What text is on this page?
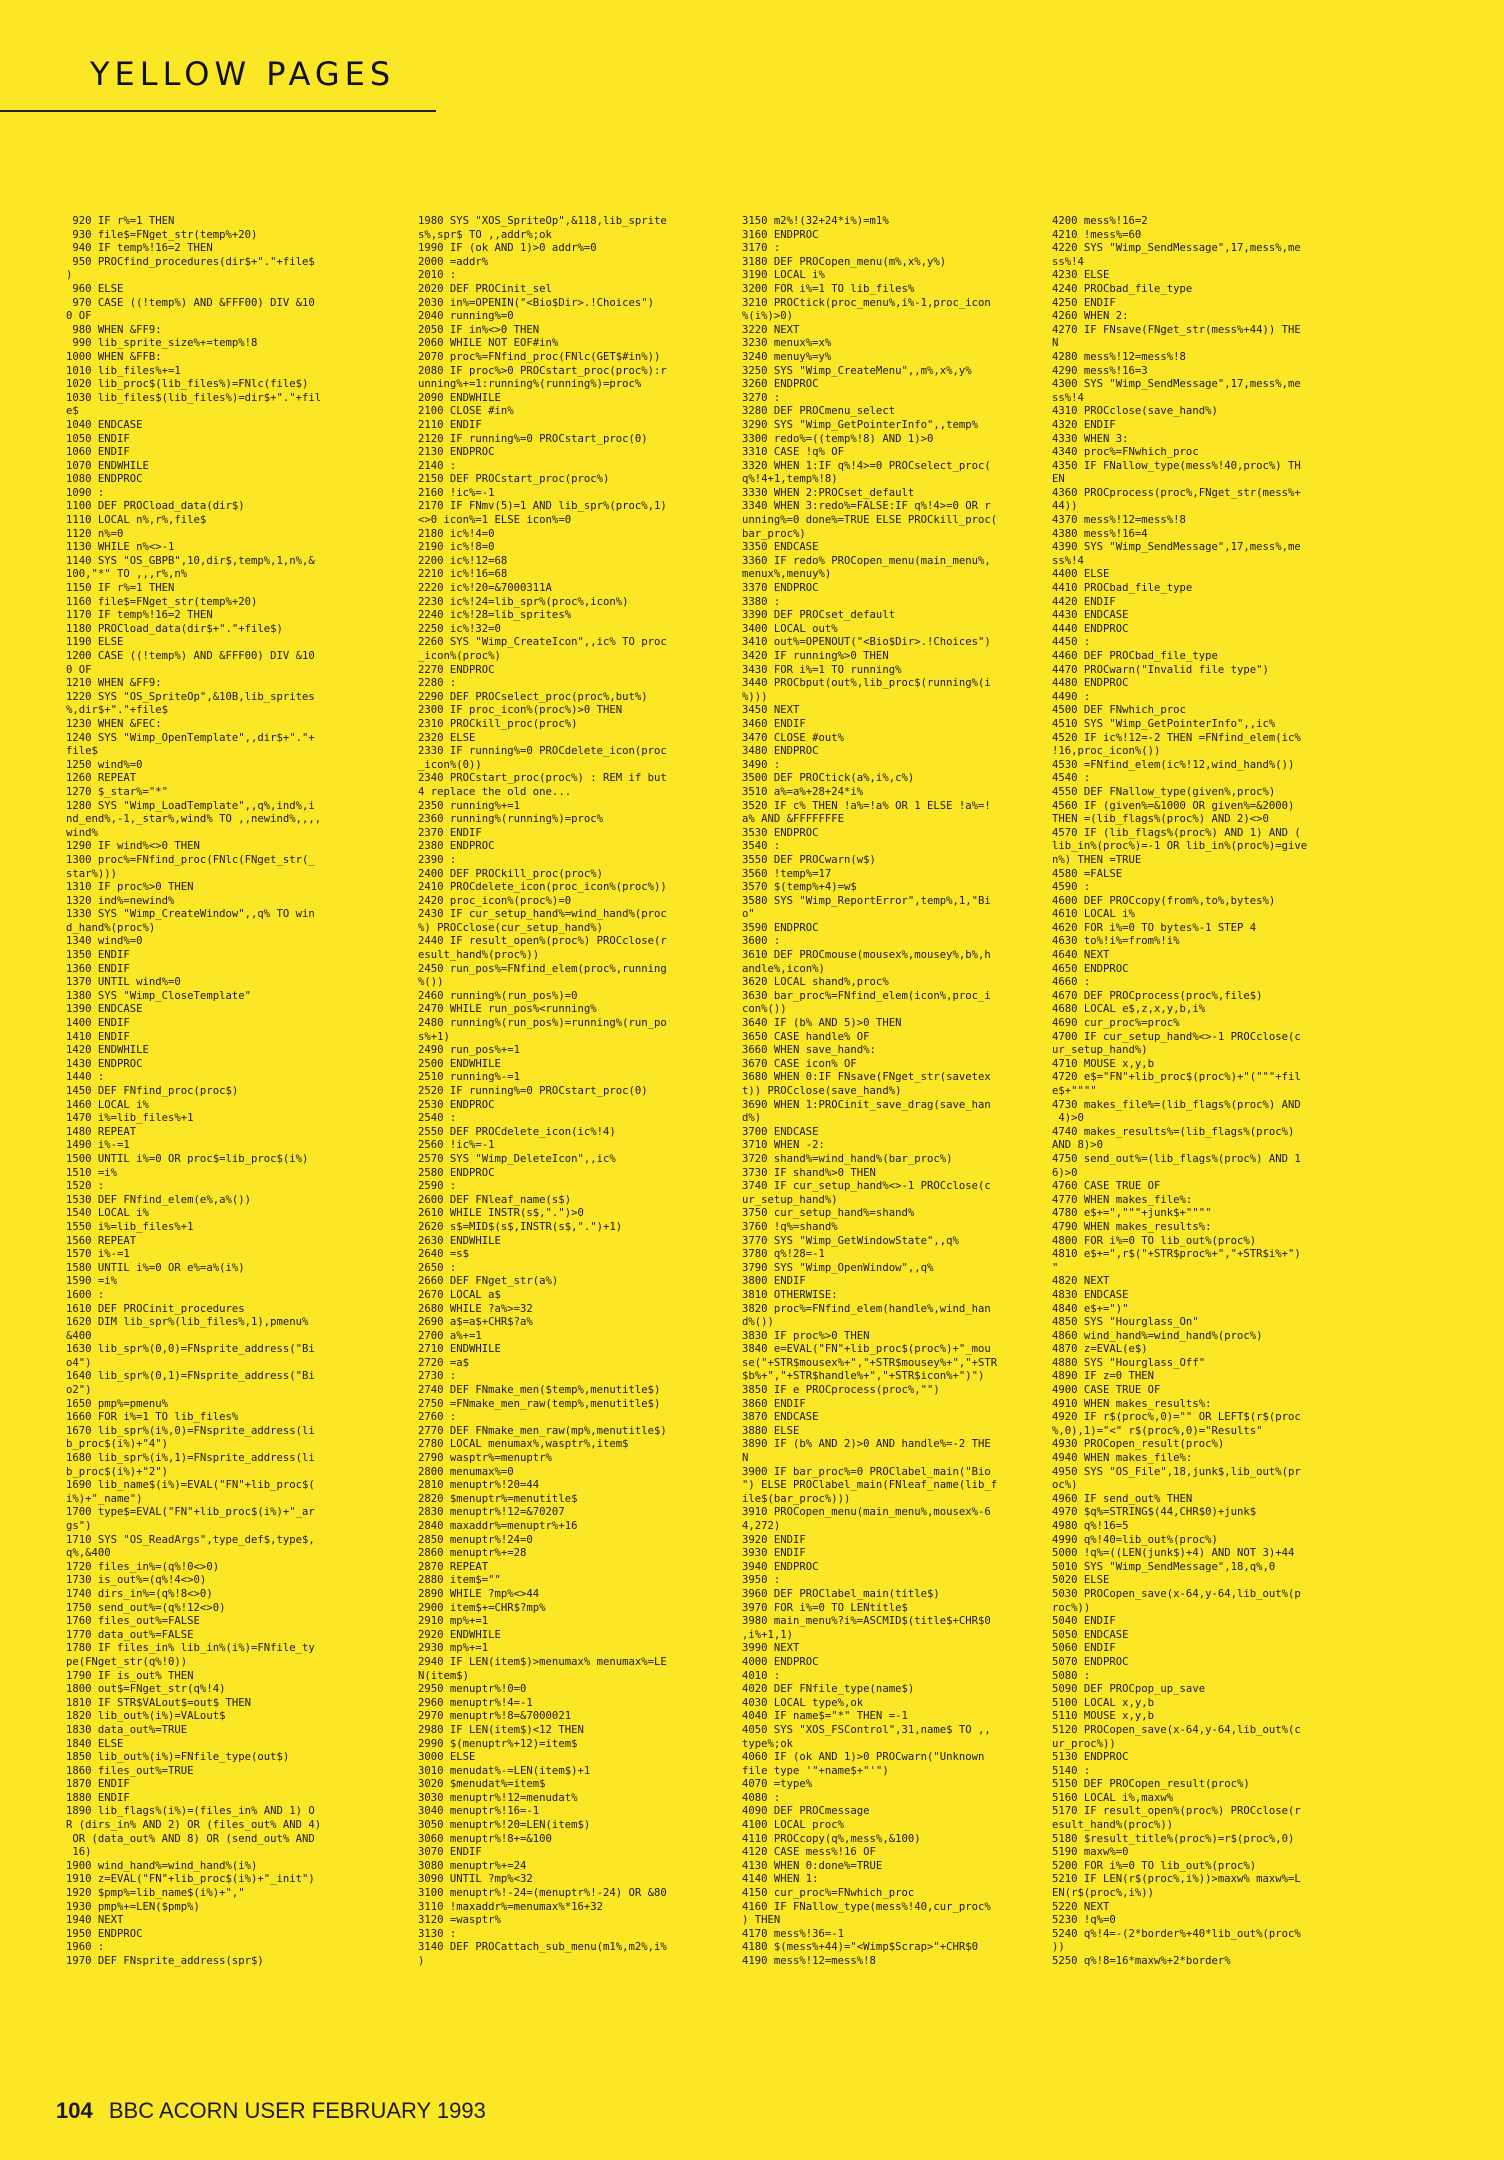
YELLOW PAGES
920 IF r%=1 THEN
930 file$=FNget_str(temp%+20)
940 IF temp%!16=2 THEN
950 PROCfind_procedures(dir$+"."+file$
)
960 ELSE
970 CASE ((!temp%) AND &FFF00) DIV &10
0 OF
980 WHEN &FF9:
990 lib_sprite_size%+=temp%!8
1000 WHEN &FFB:
1010 lib_files%+=1
1020 lib_proc$(lib_files%)=FNlc(file$)
1030 lib_files$(lib_files%)=dir$+"."+fil
e$
1040 ENDCASE
1050 ENDIF
1060 ENDIF
1070 ENDWHILE
1080 ENDPROC
1090 :
1100 DEF PROCload_data(dir$)
1110 LOCAL n%,r%,file$
1120 n%=0
1130 WHILE n%<>-1
1140 SYS "OS_GBPB",10,dir$,temp%,1,n%,&
100,"*" TO ,,,r%,n%
1150 IF r%=1 THEN
1160 file$=FNget_str(temp%+20)
1170 IF temp%!16=2 THEN
1180 PROCload_data(dir$+"."+file$)
1190 ELSE
1200 CASE ((!temp%) AND &FFF00) DIV &10
0 OF
1210 WHEN &FF9:
1220 SYS "OS_SpriteOp",&10B,lib_sprites
%,dir$+"."+file$
1230 WHEN &FEC:
1240 SYS "Wimp_OpenTemplate",,dir$+"."+
file$
1250 wind%=0
1260 REPEAT
1270 $_star%="*"
1280 SYS "Wimp_LoadTemplate",,q%,ind%,i
nd_end%,-1,_star%,wind% TO ,,newind%,,,,
wind%
1290 IF wind%<>0 THEN
1300 proc%=FNfind_proc(FNlc(FNget_str(_
star%)))
1310 IF proc%>0 THEN
1320 ind%=newind%
1330 SYS "Wimp_CreateWindow",,q% TO win
d_hand%(proc%)
1340 wind%=0
1350 ENDIF
1360 ENDIF
1370 UNTIL wind%=0
1380 SYS "Wimp_CloseTemplate"
1390 ENDCASE
1400 ENDIF
1410 ENDIF
1420 ENDWHILE
1430 ENDPROC
1440 :
1450 DEF FNfind_proc(proc$)
1460 LOCAL i%
1470 i%=lib_files%+1
1480 REPEAT
1490 i%-=1
1500 UNTIL i%=0 OR proc$=lib_proc$(i%)
1510 =i%
1520 :
1530 DEF FNfind_elem(e%,a%())
1540 LOCAL i%
1550 i%=lib_files%+1
1560 REPEAT
1570 i%-=1
1580 UNTIL i%=0 OR e%=a%(i%)
1590 =i%
1600 :
1610 DEF PROCinit_procedures
1620 DIM lib_spr%(lib_files%,1),pmenu%
&400
1630 lib_spr%(0,0)=FNsprite_address("Bi
o4")
1640 lib_spr%(0,1)=FNsprite_address("Bi
o2")
1650 pmp%=pmenu%
1660 FOR i%=1 TO lib_files%
1670 lib_spr%(i%,0)=FNsprite_address(li
b_proc$(i%)+"4")
1680 lib_spr%(i%,1)=FNsprite_address(li
b_proc$(i%)+"2")
1690 lib_name$(i%)=EVAL("FN"+lib_proc$(
i%)+"_name")
1700 type$=EVAL("FN"+lib_proc$(i%)+"_ar
gs")
1710 SYS "OS_ReadArgs",type_def$,type$,
q%,&400
1720 files_in%=(q%!0<>0)
1730 is_out%=(q%!4<>0)
1740 dirs_in%=(q%!8<>0)
1750 send_out%=(q%!12<>0)
1760 files_out%=FALSE
1770 data_out%=FALSE
1780 IF files_in% lib_in%(i%)=FNfile_ty
pe(FNget_str(q%!0))
1790 IF is_out% THEN
1800 out$=FNget_str(q%!4)
1810 IF STR$VALout$=out$ THEN
1820 lib_out%(i%)=VALout$
1830 data_out%=TRUE
1840 ELSE
1850 lib_out%(i%)=FNfile_type(out$)
1860 files_out%=TRUE
1870 ENDIF
1880 ENDIF
1890 lib_flags%(i%)=(files_in% AND 1) O
R (dirs_in% AND 2) OR (files_out% AND 4)
OR (data_out% AND 8) OR (send_out% AND
16)
1900 wind_hand%=wind_hand%(i%)
1910 z=EVAL("FN"+lib_proc$(i%)+"_init")
1920 $pmp%=lib_name$(i%)+","
1930 pmp%+=LEN($pmp%)
1940 NEXT
1950 ENDPROC
1960 :
1970 DEF FNsprite_address(spr$)
1980 SYS "XOS_SpriteOp",&118,lib_sprite
s%,spr$ TO ,,addr%;ok
1990 IF (ok AND 1)>0 addr%=0
2000 =addr%
2010 :
2020 DEF PROCinit_sel
2030 in%=OPENIN("<Bio$Dir>.!Choices")
2040 running%=0
2050 IF in%<>0 THEN
2060 WHILE NOT EOF#in%
2070 proc%=FNfind_proc(FNlc(GET$#in%))
2080 IF proc%>0 PROCstart_proc(proc%):r
unning%+=1:running%(running%)=proc%
2090 ENDWHILE
2100 CLOSE #in%
2110 ENDIF
2120 IF running%=0 PROCstart_proc(0)
2130 ENDPROC
2140 :
2150 DEF PROCstart_proc(proc%)
2160 !ic%=-1
2170 IF FNmv(5)=1 AND lib_spr%(proc%,1)
<>0 icon%=1 ELSE icon%=0
2180 ic%!4=0
2190 ic%!8=0
2200 ic%!12=68
2210 ic%!16=68
2220 ic%!20=&7000311A
2230 ic%!24=lib_spr%(proc%,icon%)
2240 ic%!28=lib_sprites%
2250 ic%!32=0
2260 SYS "Wimp_CreateIcon",,ic% TO proc
_icon%(proc%)
2270 ENDPROC
2280 :
2290 DEF PROCselect_proc(proc%,but%)
2300 IF proc_icon%(proc%)>0 THEN
2310 PROCkill_proc(proc%)
2320 ELSE
2330 IF running%=0 PROCdelete_icon(proc
_icon%(0))
2340 PROCstart_proc(proc%) : REM if but
4 replace the old one...
2350 running%+=1
2360 running%(running%)=proc%
2370 ENDIF
2380 ENDPROC
2390 :
2400 DEF PROCkill_proc(proc%)
2410 PROCdelete_icon(proc_icon%(proc%))
2420 proc_icon%(proc%)=0
2430 IF cur_setup_hand%=wind_hand%(proc
%) PROCclose(cur_setup_hand%)
2440 IF result_open%(proc%) PROCclose(r
esult_hand%(proc%))
2450 run_pos%=FNfind_elem(proc%,running
%())
2460 running%(run_pos%)=0
2470 WHILE run_pos%<running%
2480 running%(run_pos%)=running%(run_po
s%+1)
2490 run_pos%+=1
2500 ENDWHILE
2510 running%-=1
2520 IF running%=0 PROCstart_proc(0)
2530 ENDPROC
2540 :
2550 DEF PROCdelete_icon(ic%!4)
2560 !ic%=-1
2570 SYS "Wimp_DeleteIcon",,ic%
2580 ENDPROC
2590 :
2600 DEF FNleaf_name(s$)
2610 WHILE INSTR(s$,".")>0
2620 s$=MID$(s$,INSTR(s$,".")+1)
2630 ENDWHILE
2640 =s$
2650 :
2660 DEF FNget_str(a%)
2670 LOCAL a$
2680 WHILE ?a%>=32
2690 a$=a$+CHR$?a%
2700 a%+=1
2710 ENDWHILE
2720 =a$
2730 :
2740 DEF FNmake_men($temp%,menutitle$)
2750 =FNmake_men_raw(temp%,menutitle$)
2760 :
2770 DEF FNmake_men_raw(mp%,menutitle$)
2780 LOCAL menumax%,wasptr%,item$
2790 wasptr%=menuptr%
2800 menumax%=0
2810 menuptr%!20=44
2820 $menuptr%=menutitle$
2830 menuptr%!12=&70207
2840 maxaddr%=menuptr%+16
2850 menuptr%!24=0
2860 menuptr%+=28
2870 REPEAT
2880 item$=""
2890 WHILE ?mp%<>44
2900 item$+=CHR$?mp%
2910 mp%+=1
2920 ENDWHILE
2930 mp%+=1
2940 IF LEN(item$)>menumax% menumax%=LE
N(item$)
2950 menuptr%!0=0
2960 menuptr%!4=-1
2970 menuptr%!8=&7000021
2980 IF LEN(item$)<12 THEN
2990 $(menuptr%+12)=item$
3000 ELSE
3010 menudat%-=LEN(item$)+1
3020 $menudat%=item$
3030 menuptr%!12=menudat%
3040 menuptr%!16=-1
3050 menuptr%!20=LEN(item$)
3060 menuptr%!8+=&100
3070 ENDIF
3080 menuptr%+=24
3090 UNTIL ?mp%<32
3100 menuptr%!-24=(menuptr%!-24) OR &80
3110 !maxaddr%=menumax%*16+32
3120 =wasptr%
3130 :
3140 DEF PROCattach_sub_menu(m1%,m2%,i%
)
3150 m2%!(32+24*i%)=m1%
3160 ENDPROC
3170 :
3180 DEF PROCopen_menu(m%,x%,y%)
3190 LOCAL i%
3200 FOR i%=1 TO lib_files%
3210 PROCtick(proc_menu%,i%-1,proc_icon
%(i%)>0)
3220 NEXT
3230 menux%=x%
3240 menuy%=y%
3250 SYS "Wimp_CreateMenu",,m%,x%,y%
3260 ENDPROC
3270 :
3280 DEF PROCmenu_select
3290 SYS "Wimp_GetPointerInfo",,temp%
3300 redo%=((temp%!8) AND 1)>0
3310 CASE !q% OF
3320 WHEN 1:IF q%!4>=0 PROCselect_proc(
q%!4+1,temp%!8)
3330 WHEN 2:PROCset_default
3340 WHEN 3:redo%=FALSE:IF q%!4>=0 OR r
unning%=0 done%=TRUE ELSE PROCkill_proc(
bar_proc%)
3350 ENDCASE
3360 IF redo% PROCopen_menu(main_menu%,
menux%,menuy%)
3370 ENDPROC
3380 :
3390 DEF PROCset_default
3400 LOCAL out%
3410 out%=OPENOUT("<Bio$Dir>.!Choices")
3420 IF running%>0 THEN
3430 FOR i%=1 TO running%
3440 PROCbput(out%,lib_proc$(running%(i
%)))
3450 NEXT
3460 ENDIF
3470 CLOSE #out%
3480 ENDPROC
3490 :
3500 DEF PROCtick(a%,i%,c%)
3510 a%=a%+28+24*i%
3520 IF c% THEN !a%=!a% OR 1 ELSE !a%=!
a% AND &FFFFFFFE
3530 ENDPROC
3540 :
3550 DEF PROCwarn(w$)
3560 !temp%=17
3570 $(temp%+4)=w$
3580 SYS "Wimp_ReportError",temp%,1,"Bi
o"
3590 ENDPROC
3600 :
3610 DEF PROCmouse(mousex%,mousey%,b%,h
andle%,icon%)
3620 LOCAL shand%,proc%
3630 bar_proc%=FNfind_elem(icon%,proc_i
con%())
3640 IF (b% AND 5)>0 THEN
3650 CASE handle% OF
3660 WHEN save_hand%:
3670 CASE icon% OF
3680 WHEN 0:IF FNsave(FNget_str(savetex
t)) PROCclose(save_hand%)
3690 WHEN 1:PROCinit_save_drag(save_han
d%)
3700 ENDCASE
3710 WHEN -2:
3720 shand%=wind_hand%(bar_proc%)
3730 IF shand%>0 THEN
3740 IF cur_setup_hand%<>-1 PROCclose(c
ur_setup_hand%)
3750 cur_setup_hand%=shand%
3760 !q%=shand%
3770 SYS "Wimp_GetWindowState",,q%
3780 q%!28=-1
3790 SYS "Wimp_OpenWindow",,q%
3800 ENDIF
3810 OTHERWISE:
3820 proc%=FNfind_elem(handle%,wind_han
d%())
3830 IF proc%>0 THEN
3840 e=EVAL("FN"+lib_proc$(proc%)+"_mou
se("+STR$mousex%+","+STR$mousey%+","+STR
$b%+","+STR$handle%+","+STR$icon%+")")
3850 IF e PROCprocess(proc%,"")
3860 ENDIF
3870 ENDCASE
3880 ELSE
3890 IF (b% AND 2)>0 AND handle%=-2 THE
N
3900 IF bar_proc%=0 PROClabel_main("Bio
") ELSE PROClabel_main(FNleaf_name(lib_f
ile$(bar_proc%)))
3910 PROCopen_menu(main_menu%,mousex%-6
4,272)
3920 ENDIF
3930 ENDIF
3940 ENDPROC
3950 :
3960 DEF PROClabel_main(title$)
3970 FOR i%=0 TO LENtitle$
3980 main_menu%?i%=ASCMID$(title$+CHR$0
,i%+1,1)
3990 NEXT
4000 ENDPROC
4010 :
4020 DEF FNfile_type(name$)
4030 LOCAL type%,ok
4040 IF name$="*" THEN =-1
4050 SYS "XOS_FSControl",31,name$ TO ,,
type%;ok
4060 IF (ok AND 1)>0 PROCwarn("Unknown
file type '"+name$+"'")
4070 =type%
4080 :
4090 DEF PROCmessage
4100 LOCAL proc%
4110 PROCcopy(q%,mess%,&100)
4120 CASE mess%!16 OF
4130 WHEN 0:done%=TRUE
4140 WHEN 1:
4150 cur_proc%=FNwhich_proc
4160 IF FNallow_type(mess%!40,cur_proc%
) THEN
4170 mess%!36=-1
4180 $(mess%+44)="<Wimp$Scrap>"+CHR$0
4190 mess%!12=mess%!8
4200 mess%!16=2
4210 !mess%=60
4220 SYS "Wimp_SendMessage",17,mess%,me
ss%!4
4230 ELSE
4240 PROCbad_file_type
4250 ENDIF
4260 WHEN 2:
4270 IF FNsave(FNget_str(mess%+44)) THE
N
4280 mess%!12=mess%!8
4290 mess%!16=3
4300 SYS "Wimp_SendMessage",17,mess%,me
ss%!4
4310 PROCclose(save_hand%)
4320 ENDIF
4330 WHEN 3:
4340 proc%=FNwhich_proc
4350 IF FNallow_type(mess%!40,proc%) TH
EN
4360 PROCprocess(proc%,FNget_str(mess%+
44))
4370 mess%!12=mess%!8
4380 mess%!16=4
4390 SYS "Wimp_SendMessage",17,mess%,me
ss%!4
4400 ELSE
4410 PROCbad_file_type
4420 ENDIF
4430 ENDCASE
4440 ENDPROC
4450 :
4460 DEF PROCbad_file_type
4470 PROCwarn("Invalid file type")
4480 ENDPROC
4490 :
4500 DEF FNwhich_proc
4510 SYS "Wimp_GetPointerInfo",,ic%
4520 IF ic%!12=-2 THEN =FNfind_elem(ic%
!16,proc_icon%())
4530 =FNfind_elem(ic%!12,wind_hand%())
4540 :
4550 DEF FNallow_type(given%,proc%)
4560 IF (given%=&1000 OR given%=&2000)
THEN =(lib_flags%(proc%) AND 2)<>0
4570 IF (lib_flags%(proc%) AND 1) AND (
lib_in%(proc%)=-1 OR lib_in%(proc%)=give
n%) THEN =TRUE
4580 =FALSE
4590 :
4600 DEF PROCcopy(from%,to%,bytes%)
4610 LOCAL i%
4620 FOR i%=0 TO bytes%-1 STEP 4
4630 to%!i%=from%!i%
4640 NEXT
4650 ENDPROC
4660 :
4670 DEF PROCprocess(proc%,file$)
4680 LOCAL e$,z,x,y,b,i%
4690 cur_proc%=proc%
4700 IF cur_setup_hand%<>-1 PROCclose(c
ur_setup_hand%)
4710 MOUSE x,y,b
4720 e$="FN"+lib_proc$(proc%)+"("""+fil
e$+""""
4730 makes_file%=(lib_flags%(proc%) AND
4)>0
4740 makes_results%=(lib_flags%(proc%)
AND 8)>0
4750 send_out%=(lib_flags%(proc%) AND 1
6)>0
4760 CASE TRUE OF
4770 WHEN makes_file%:
4780 e$+=","""+junk$+""""
4790 WHEN makes_results%:
4800 FOR i%=0 TO lib_out%(proc%)
4810 e$+=",r$("+STR$proc%+","+STR$i%+")
"
4820 NEXT
4830 ENDCASE
4840 e$+=")"
4850 SYS "Hourglass_On"
4860 wind_hand%=wind_hand%(proc%)
4870 z=EVAL(e$)
4880 SYS "Hourglass_Off"
4890 IF z=0 THEN
4900 CASE TRUE OF
4910 WHEN makes_results%:
4920 IF r$(proc%,0)="" OR LEFT$(r$(proc
%,0),1)="<" r$(proc%,0)="Results"
4930 PROCopen_result(proc%)
4940 WHEN makes_file%:
4950 SYS "OS_File",18,junk$,lib_out%(pr
oc%)
4960 IF send_out% THEN
4970 $q%=STRING$(44,CHR$0)+junk$
4980 q%!16=5
4990 q%!40=lib_out%(proc%)
5000 !q%=((LEN(junk$)+4) AND NOT 3)+44
5010 SYS "Wimp_SendMessage",18,q%,0
5020 ELSE
5030 PROCopen_save(x-64,y-64,lib_out%(p
roc%))
5040 ENDIF
5050 ENDCASE
5060 ENDIF
5070 ENDPROC
5080 :
5090 DEF PROCpop_up_save
5100 LOCAL x,y,b
5110 MOUSE x,y,b
5120 PROCopen_save(x-64,y-64,lib_out%(c
ur_proc%))
5130 ENDPROC
5140 :
5150 DEF PROCopen_result(proc%)
5160 LOCAL i%,maxw%
5170 IF result_open%(proc%) PROCclose(r
esult_hand%(proc%))
5180 $result_title%(proc%)=r$(proc%,0)
5190 maxw%=0
5200 FOR i%=0 TO lib_out%(proc%)
5210 IF LEN(r$(proc%,i%))>maxw% maxw%=L
EN(r$(proc%,i%))
5220 NEXT
5230 !q%=0
5240 q%!4=-(2*border%+40*lib_out%(proc%
))
5250 q%!8=16*maxw%+2*border%
104 BBC ACORN USER FEBRUARY 1993
